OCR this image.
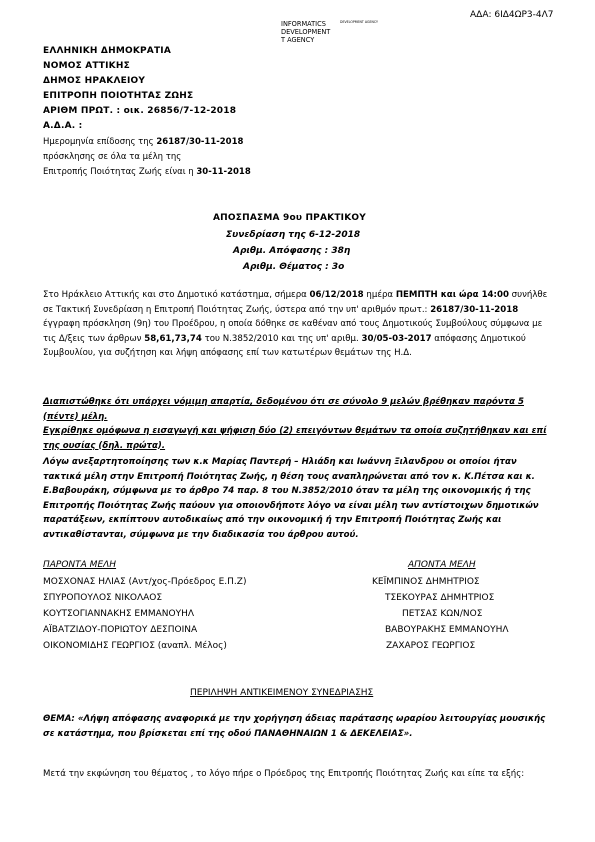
ΑΔΑ: 6ΙΔ4ΩΡ3-4Λ7
INFORMATICS
DEVELOPMENT
T AGENCY
DEVELOPMENT AGENCY
ΕΛΛΗΝΙΚΗ ΔΗΜΟΚΡΑΤΙΑ
ΝΟΜΟΣ ΑΤΤΙΚΗΣ
ΔΗΜΟΣ ΗΡΑΚΛΕΙΟΥ
ΕΠΙΤΡΟΠΗ ΠΟΙΟΤΗΤΑΣ ΖΩΗΣ
ΑΡΙΘΜ ΠΡΩΤ. : οικ. 26856/7-12-2018
Α.Δ.Α. :
Ημερομηνία επίδοσης της 26187/30-11-2018
πρόσκλησης σε όλα τα μέλη της
Επιτροπής Ποιότητας Ζωής είναι η 30-11-2018
ΑΠΟΣΠΑΣΜΑ 9ου ΠΡΑΚΤΙΚΟΥ
Συνεδρίαση της 6-12-2018
Αριθμ. Απόφασης : 38η
Αριθμ. Θέματος : 3ο
Στο Ηράκλειο Αττικής και στο Δημοτικό κατάστημα, σήμερα 06/12/2018 ημέρα ΠΕΜΠΤΗ και ώρα 14:00 συνήλθε σε Τακτική Συνεδρίαση η Επιτροπή Ποιότητας Ζωής, ύστερα από την υπ' αριθμόν πρωτ.: 26187/30-11-2018 έγγραφη πρόσκληση (9η) του Προέδρου, η οποία δόθηκε σε καθέναν από τους Δημοτικούς Συμβούλους σύμφωνα με τις Δ/ξεις των άρθρων 58,61,73,74 του Ν.3852/2010 και της υπ' αριθμ. 30/05-03-2017 απόφασης Δημοτικού Συμβουλίου, για συζήτηση και λήψη απόφασης επί των κατωτέρων θεμάτων της Η.Δ.
Διαπιστώθηκε ότι υπάρχει νόμιμη απαρτία, δεδομένου ότι σε σύνολο 9 μελών βρέθηκαν παρόντα 5 (πέντε) μέλη.
Εγκρίθηκε ομόφωνα η εισαγωγή και ψήφιση δύο (2) επειγόντων θεμάτων τα οποία συζητήθηκαν και επί της ουσίας (δηλ. πρώτα).
Λόγω ανεξαρτητοποίησης των κ.κ Μαρίας Παντερή – Ηλιάδη και Ιωάννη Ξιλανδρου οι οποίοι ήταν τακτικά μέλη στην Επιτροπή Ποιότητας Ζωής, η θέση τους αναπληρώνεται από τον κ. Κ.Πέτσα και κ. Ε.Βαβουράκη, σύμφωνα με το άρθρο 74 παρ. 8 του Ν.3852/2010 όταν τα μέλη της οικονομικής ή της Επιτροπής Ποιότητας Ζωής παύουν για οποιονδήποτε λόγο να είναι μέλη των αντίστοιχων δημοτικών παρατάξεων, εκπίπτουν αυτοδικαίως από την οικονομική ή την Επιτροπή Ποιότητας Ζωής και αντικαθίστανται, σύμφωνα με την διαδικασία του άρθρου αυτού.
ΠΑΡΟΝΤΑ ΜΕΛΗ	ΑΠΟΝΤΑ ΜΕΛΗ
ΜΟΣΧΟΝΑΣ ΗΛΙΑΣ (Αντ/χος-Πρόεδρος Ε.Π.Ζ)
ΣΠΥΡΟΠΟΥΛΟΣ ΝΙΚΟΛΑΟΣ
ΚΟΥΤΣΟΓΙΑΝΝΑΚΗΣ ΕΜΜΑΝΟΥΗΛ
ΑΪΒΑΤΖΙΔΟΥ-ΠΟΡΙΩΤΟΥ ΔΕΣΠΟΙΝΑ
ΟΙΚΟΝΟΜΙΔΗΣ ΓΕΩΡΓΙΟΣ (αναπλ. Μέλος)
ΚΕΪΜΠΙΝΟΣ ΔΗΜΗΤΡΙΟΣ
ΤΣΕΚΟΥΡΑΣ ΔΗΜΗΤΡΙΟΣ
ΠΕΤΣΑΣ ΚΩΝ/ΝΟΣ
ΒΑΒΟΥΡΑΚΗΣ ΕΜΜΑΝΟΥΗΛ
ΖΑΧΑΡΟΣ ΓΕΩΡΓΙΟΣ
ΠΕΡΙΛΗΨΗ ΑΝΤΙΚΕΙΜΕΝΟΥ ΣΥΝΕΔΡΙΑΣΗΣ
ΘΕΜΑ: «Λήψη απόφασης αναφορικά με την χορήγηση άδειας παράτασης ωραρίου λειτουργίας μουσικής σε κατάστημα, που βρίσκεται επί της οδού ΠΑΝΑΘΗΝΑΙΩΝ 1 & ΔΕΚΕΛΕΙΑΣ».
Μετά την εκφώνηση του θέματος , το λόγο πήρε ο Πρόεδρος της Επιτροπής Ποιότητας Ζωής και είπε τα εξής:
